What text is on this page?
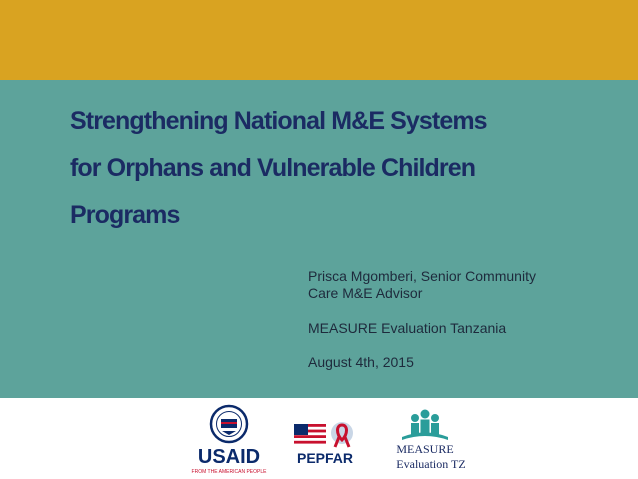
Strengthening National M&E Systems
for Orphans and Vulnerable Children
Programs

Prisca Mgomberi, Senior Community
Care M&E Advisor

MEASURE Evaluation Tanzania

August 4th, 2015

USAID
FROM THE AMERICAN PEOPLE
PEPFAR
MEASURE
Evaluation TZ
